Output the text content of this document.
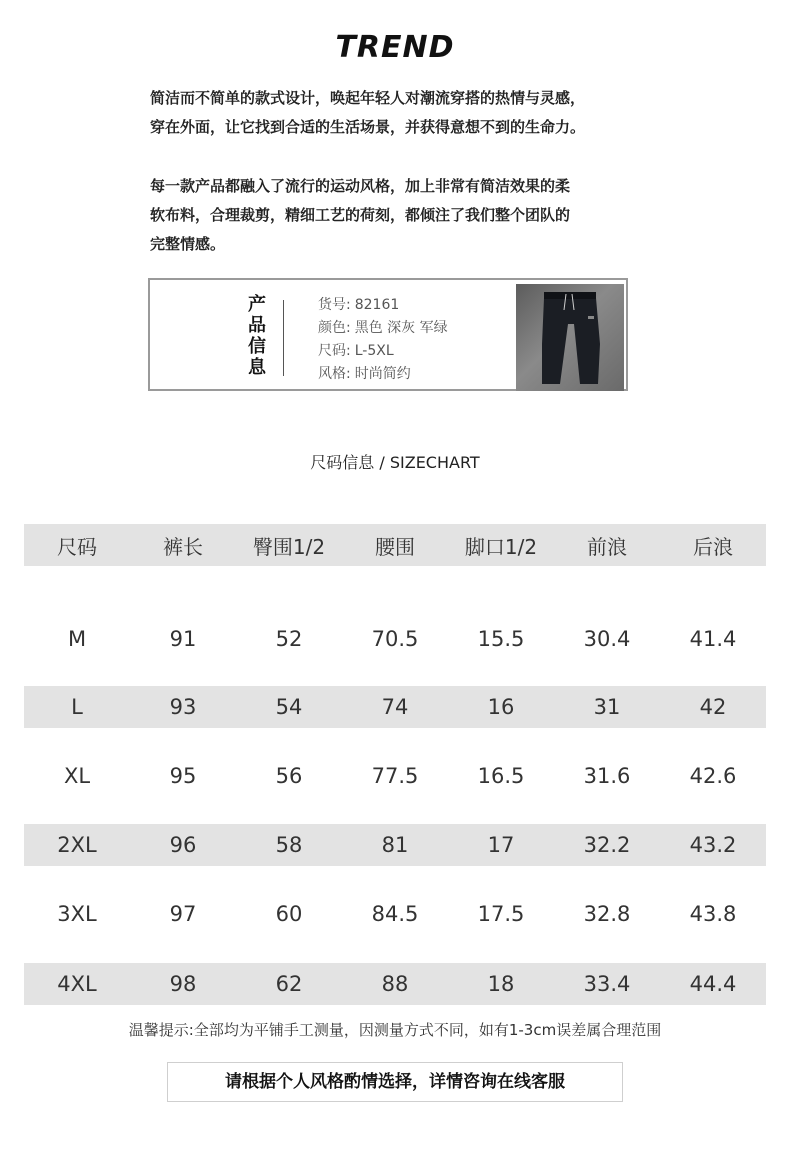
TREND

简洁而不简单的款式设计，唤起年轻人对潮流穿搭的热情与灵感，

穿在外面，让它找到合适的生活场景，并获得意想不到的生命力。

每一款产品都融入了流行的运动风格，加上非常有简洁效果的柔

软布料，合理裁剪，精细工艺的荷刻，都倾注了我们整个团队的

完整情感。

产
品
信
息
货号: 82161
颜色: 黑色 深灰 军绿
尺码: L-5XL
风格: 时尚简约
尺码信息 / SIZECHART
尺码	裤长	臀围1/2	腰围	脚口1/2	前浪	后浪
M	91	52	70.5	15.5	30.4	41.4
L	93	54	74	16	31	42
XL	95	56	77.5	16.5	31.6	42.6
2XL	96	58	81	17	32.2	43.2
3XL	97	60	84.5	17.5	32.8	43.8
4XL	98	62	88	18	33.4	44.4
温馨提示:全部均为平铺手工测量，因测量方式不同，如有1-3cm误差属合理范围
请根据个人风格酌情选择，详情咨询在线客服
